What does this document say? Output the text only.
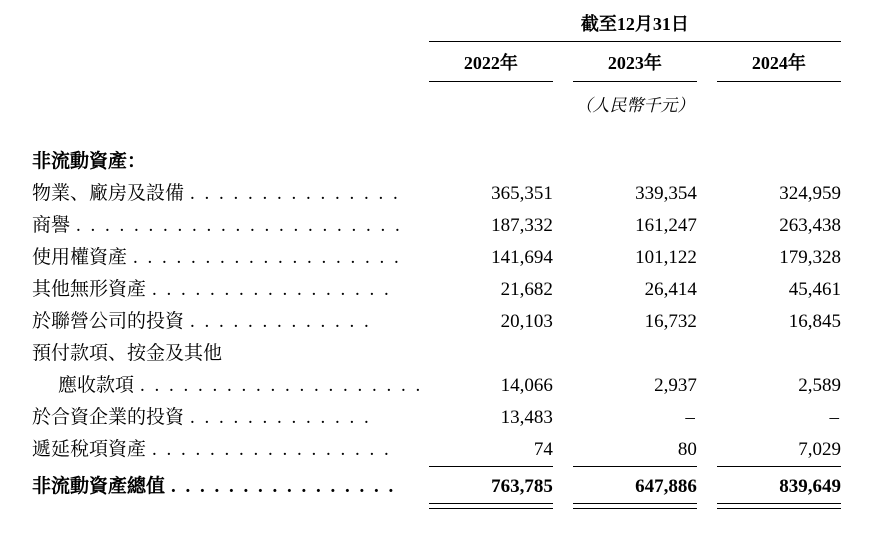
	截至12月31日				
	2022年		2023年		2024年
	（人民幣千元）				

非流動資產：					
物業、廠房及設備 . . . . . . . . . . . . . . .	365,351		339,354		324,959
商譽 . . . . . . . . . . . . . . . . . . . . . . .	187,332		161,247		263,438
使用權資產 . . . . . . . . . . . . . . . . . . .	141,694		101,122		179,328
其他無形資產 . . . . . . . . . . . . . . . . .	21,682		26,414		45,461
於聯營公司的投資 . . . . . . . . . . . . .	20,103		16,732		16,845
預付款項、按金及其他					
應收款項 . . . . . . . . . . . . . . . . . . . .	14,066		2,937		2,589
於合資企業的投資 . . . . . . . . . . . . .	13,483		–		–
遞延稅項資產 . . . . . . . . . . . . . . . . .	74		80		7,029
非流動資產總值 . . . . . . . . . . . . . . . .	763,785		647,886		839,649
